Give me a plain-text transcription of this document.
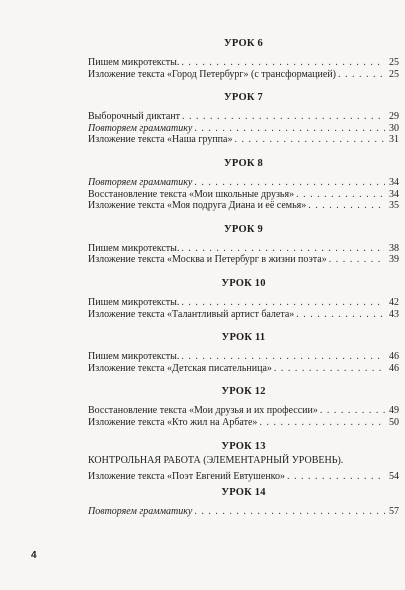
УРОК 6
Пишем микротексты. . . .	25
Изложение текста «Город Петербург» (с трансформацией) . . .	25
УРОК 7
Выборочный диктант . . .	29
Повторяем грамматику . . .	30
Изложение текста «Наша группа» . . .	31
УРОК 8
Повторяем грамматику . . .	34
Восстановление текста «Мои школьные друзья» . . .	34
Изложение текста «Моя подруга Диана и её семья» . . .	35
УРОК 9
Пишем микротексты. . . .	38
Изложение текста «Москва и Петербург в жизни поэта» . . .	39
УРОК 10
Пишем микротексты. . . .	42
Изложение текста «Талантливый артист балета» . . .	43
УРОК 11
Пишем микротексты. . . .	46
Изложение текста «Детская писательница» . . .	46
УРОК 12
Восстановление текста «Мои друзья и их профессии» . . .	49
Изложение текста «Кто жил на Арбате» . . .	50
УРОК 13
КОНТРОЛЬНАЯ РАБОТА (ЭЛЕМЕНТАРНЫЙ УРОВЕНЬ).
Изложение текста «Поэт Евгений Евтушенко» . . .	54
УРОК 14
Повторяем грамматику . . .	57
4
